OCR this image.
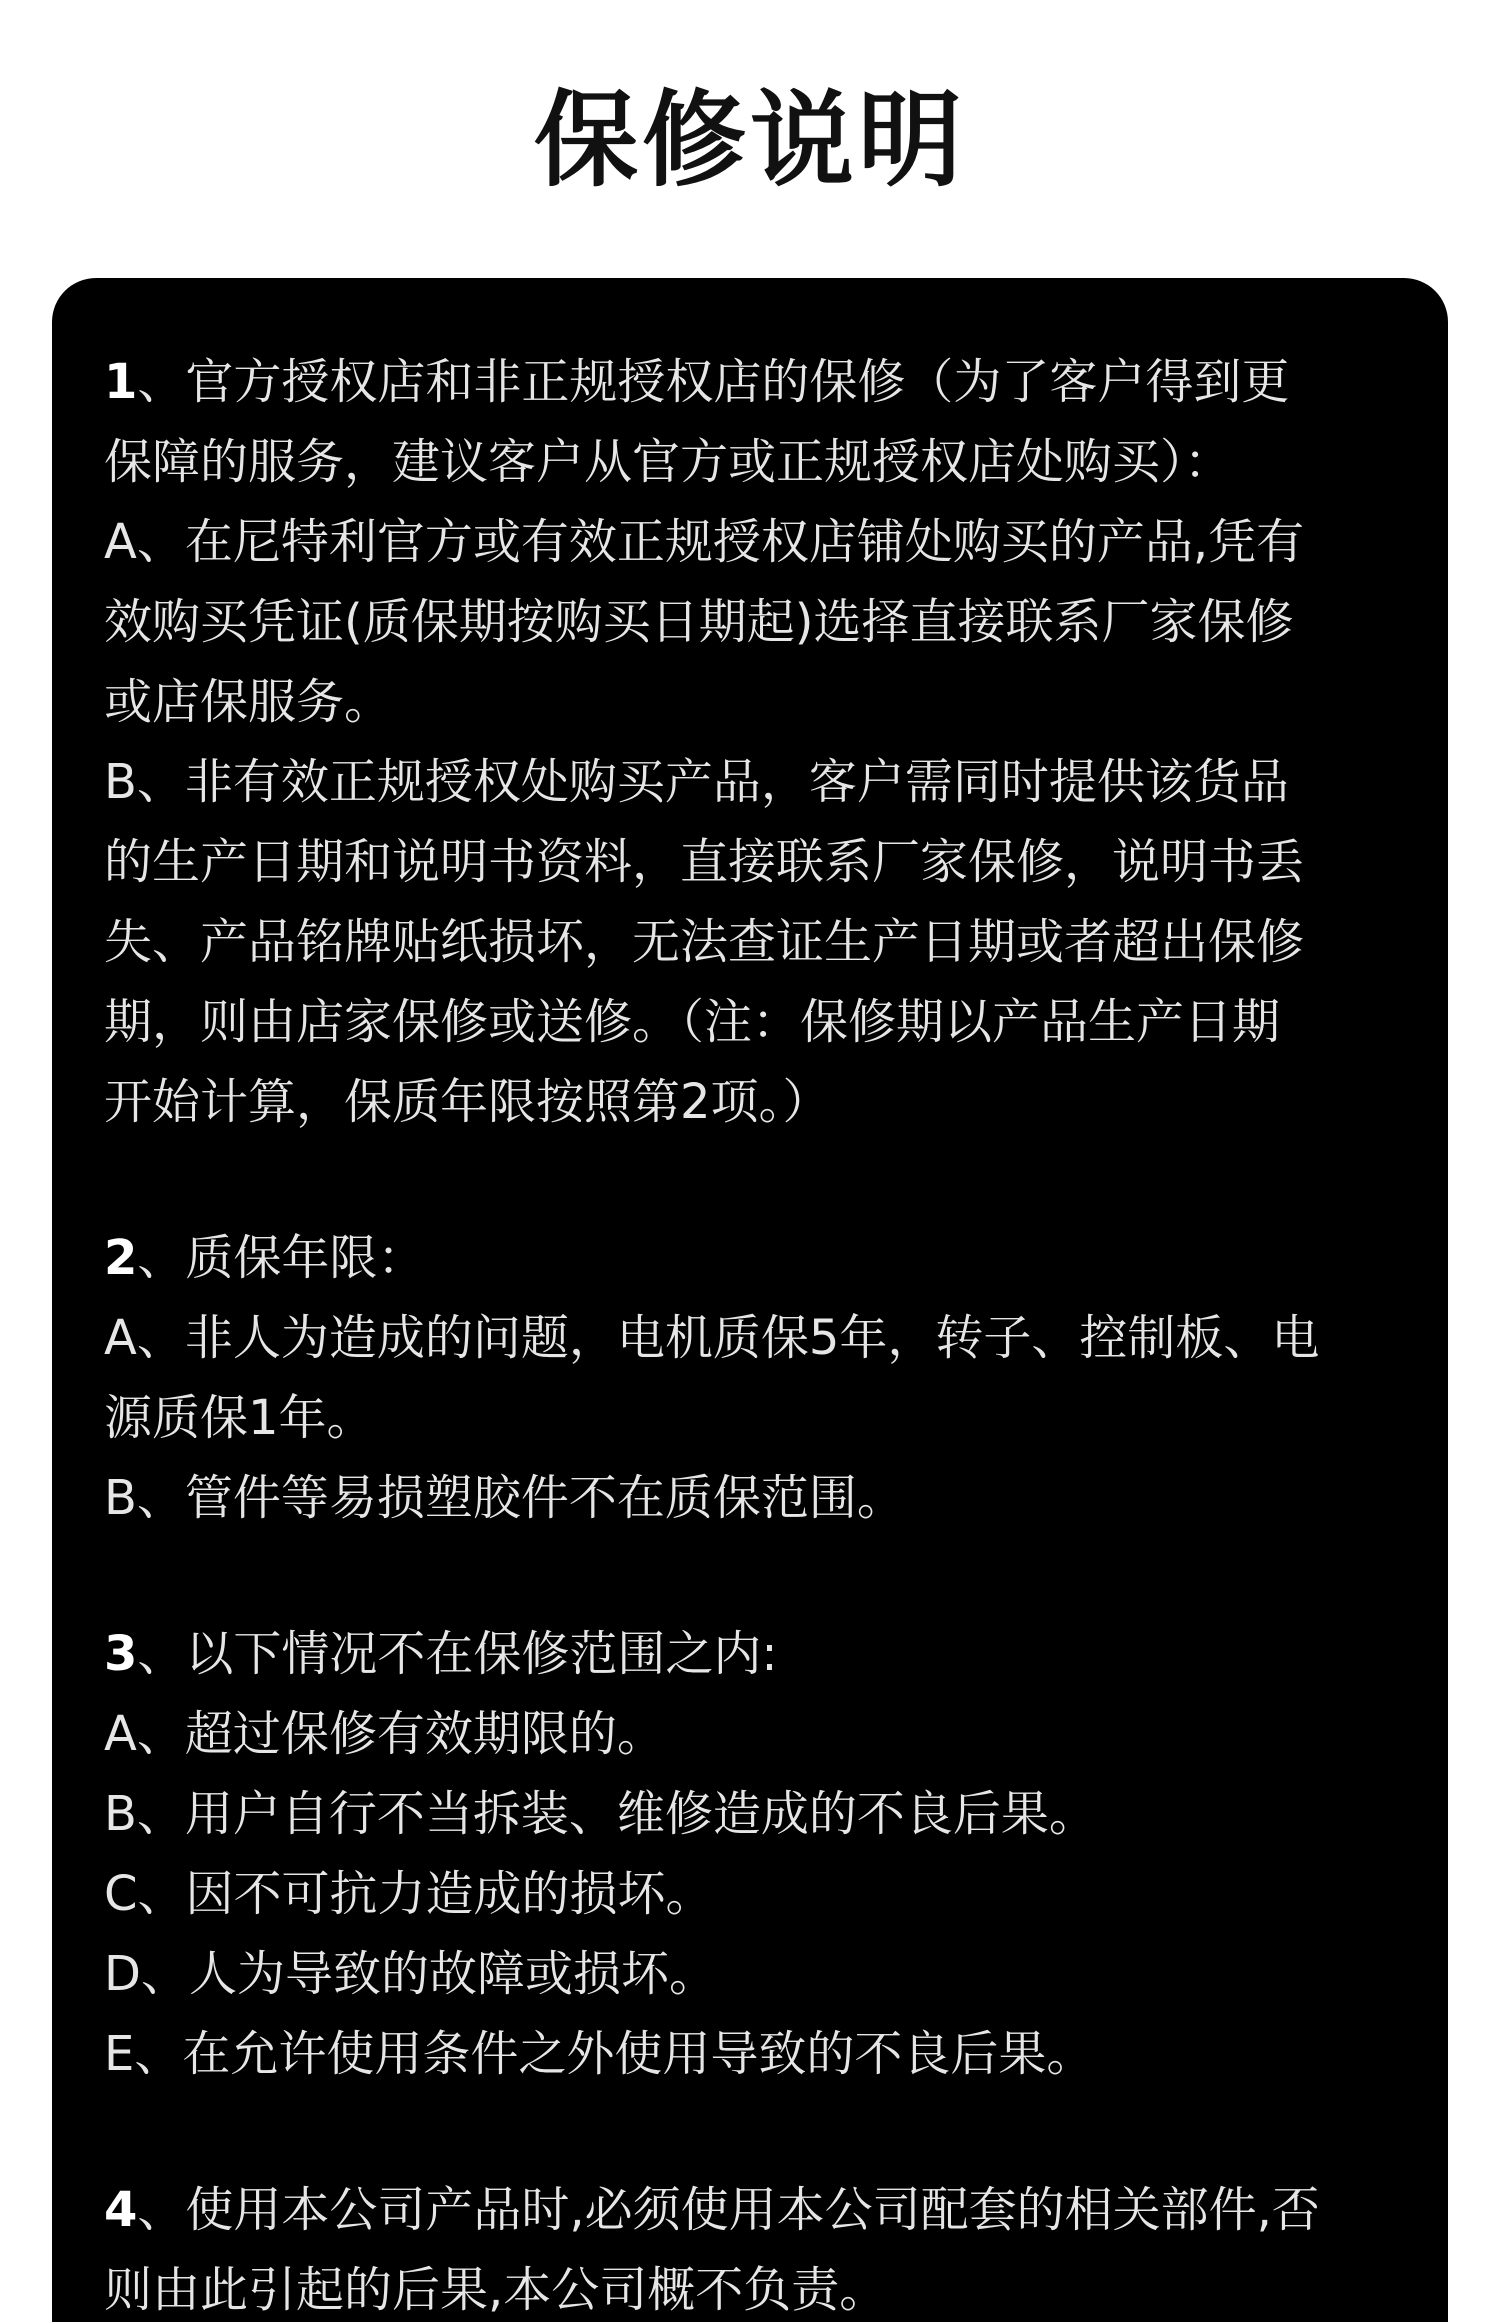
保修说明
1、官方授权店和非正规授权店的保修（为了客户得到更
保障的服务，建议客户从官方或正规授权店处购买）：
A、在尼特利官方或有效正规授权店铺处购买的产品,凭有
效购买凭证(质保期按购买日期起)选择直接联系厂家保修
或店保服务。
B、非有效正规授权处购买产品，客户需同时提供该货品
的生产日期和说明书资料，直接联系厂家保修，说明书丢
失、产品铭牌贴纸损坏，无法查证生产日期或者超出保修
期，则由店家保修或送修。（注：保修期以产品生产日期
开始计算，保质年限按照第2项。）
2、质保年限：
A、非人为造成的问题，电机质保5年，转子、控制板、电
源质保1年。
B、管件等易损塑胶件不在质保范围。
3、以下情况不在保修范围之内:
A、超过保修有效期限的。
B、用户自行不当拆装、维修造成的不良后果。
C、因不可抗力造成的损坏。
D、人为导致的故障或损坏。
E、在允许使用条件之外使用导致的不良后果。
4、使用本公司产品时,必须使用本公司配套的相关部件,否
则由此引起的后果,本公司概不负责。
